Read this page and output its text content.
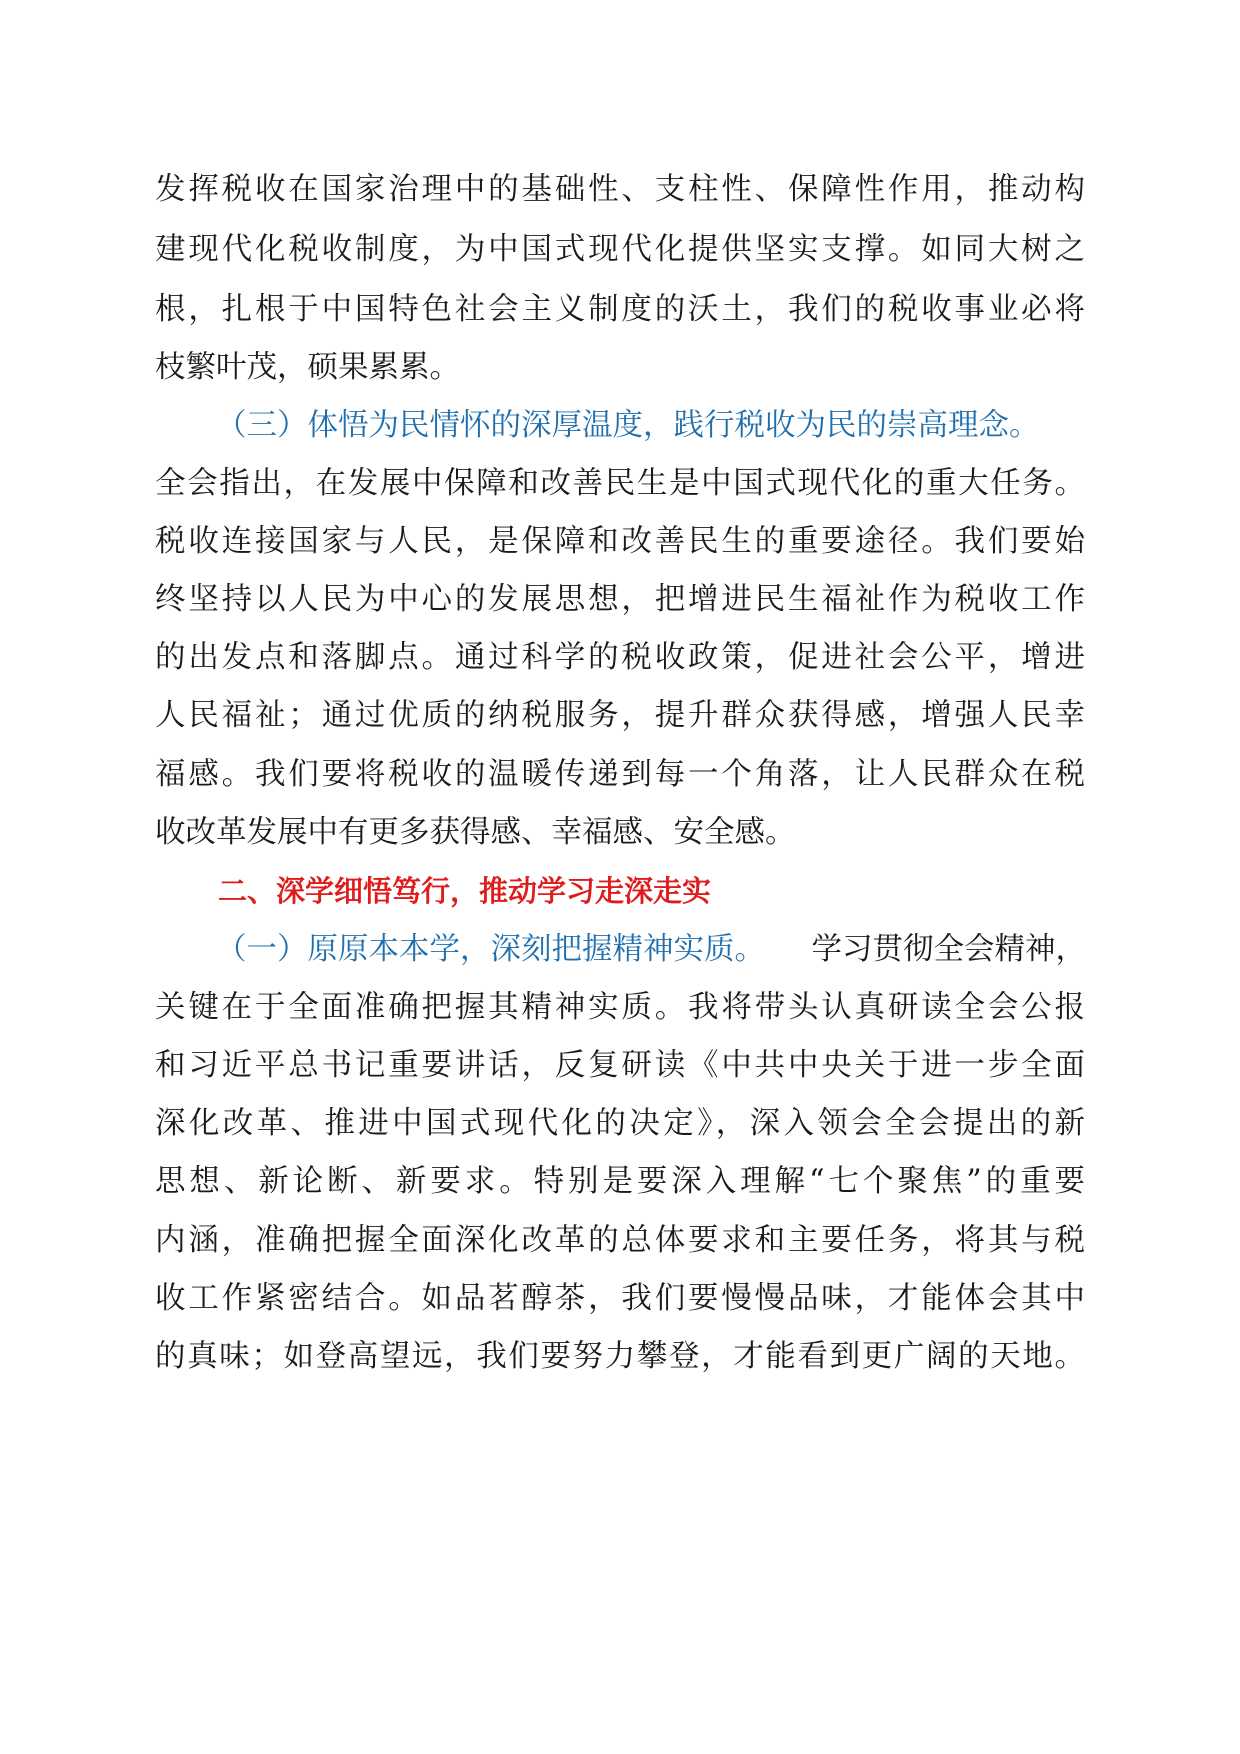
发挥税收在国家治理中的基础性、支柱性、保障性作用，推动构
建现代化税收制度，为中国式现代化提供坚实支撑。如同大树之
根，扎根于中国特色社会主义制度的沃土，我们的税收事业必将
枝繁叶茂，硕果累累。
（三）体悟为民情怀的深厚温度，践行税收为民的崇高理念。
全会指出，在发展中保障和改善民生是中国式现代化的重大任务。
税收连接国家与人民，是保障和改善民生的重要途径。我们要始
终坚持以人民为中心的发展思想，把增进民生福祉作为税收工作
的出发点和落脚点。通过科学的税收政策，促进社会公平，增进
人民福祉；通过优质的纳税服务，提升群众获得感，增强人民幸
福感。我们要将税收的温暖传递到每一个角落，让人民群众在税
收改革发展中有更多获得感、幸福感、安全感。
二、深学细悟笃行，推动学习走深走实
（一）原原本本学，深刻把握精神实质。 学习贯彻全会精神，
关键在于全面准确把握其精神实质。我将带头认真研读全会公报
和习近平总书记重要讲话，反复研读《中共中央关于进一步全面
深化改革、推进中国式现代化的决定》，深入领会全会提出的新
思想、新论断、新要求。特别是要深入理解“七个聚焦”的重要
内涵，准确把握全面深化改革的总体要求和主要任务，将其与税
收工作紧密结合。如品茗醇茶，我们要慢慢品味，才能体会其中
的真味；如登高望远，我们要努力攀登，才能看到更广阔的天地。
